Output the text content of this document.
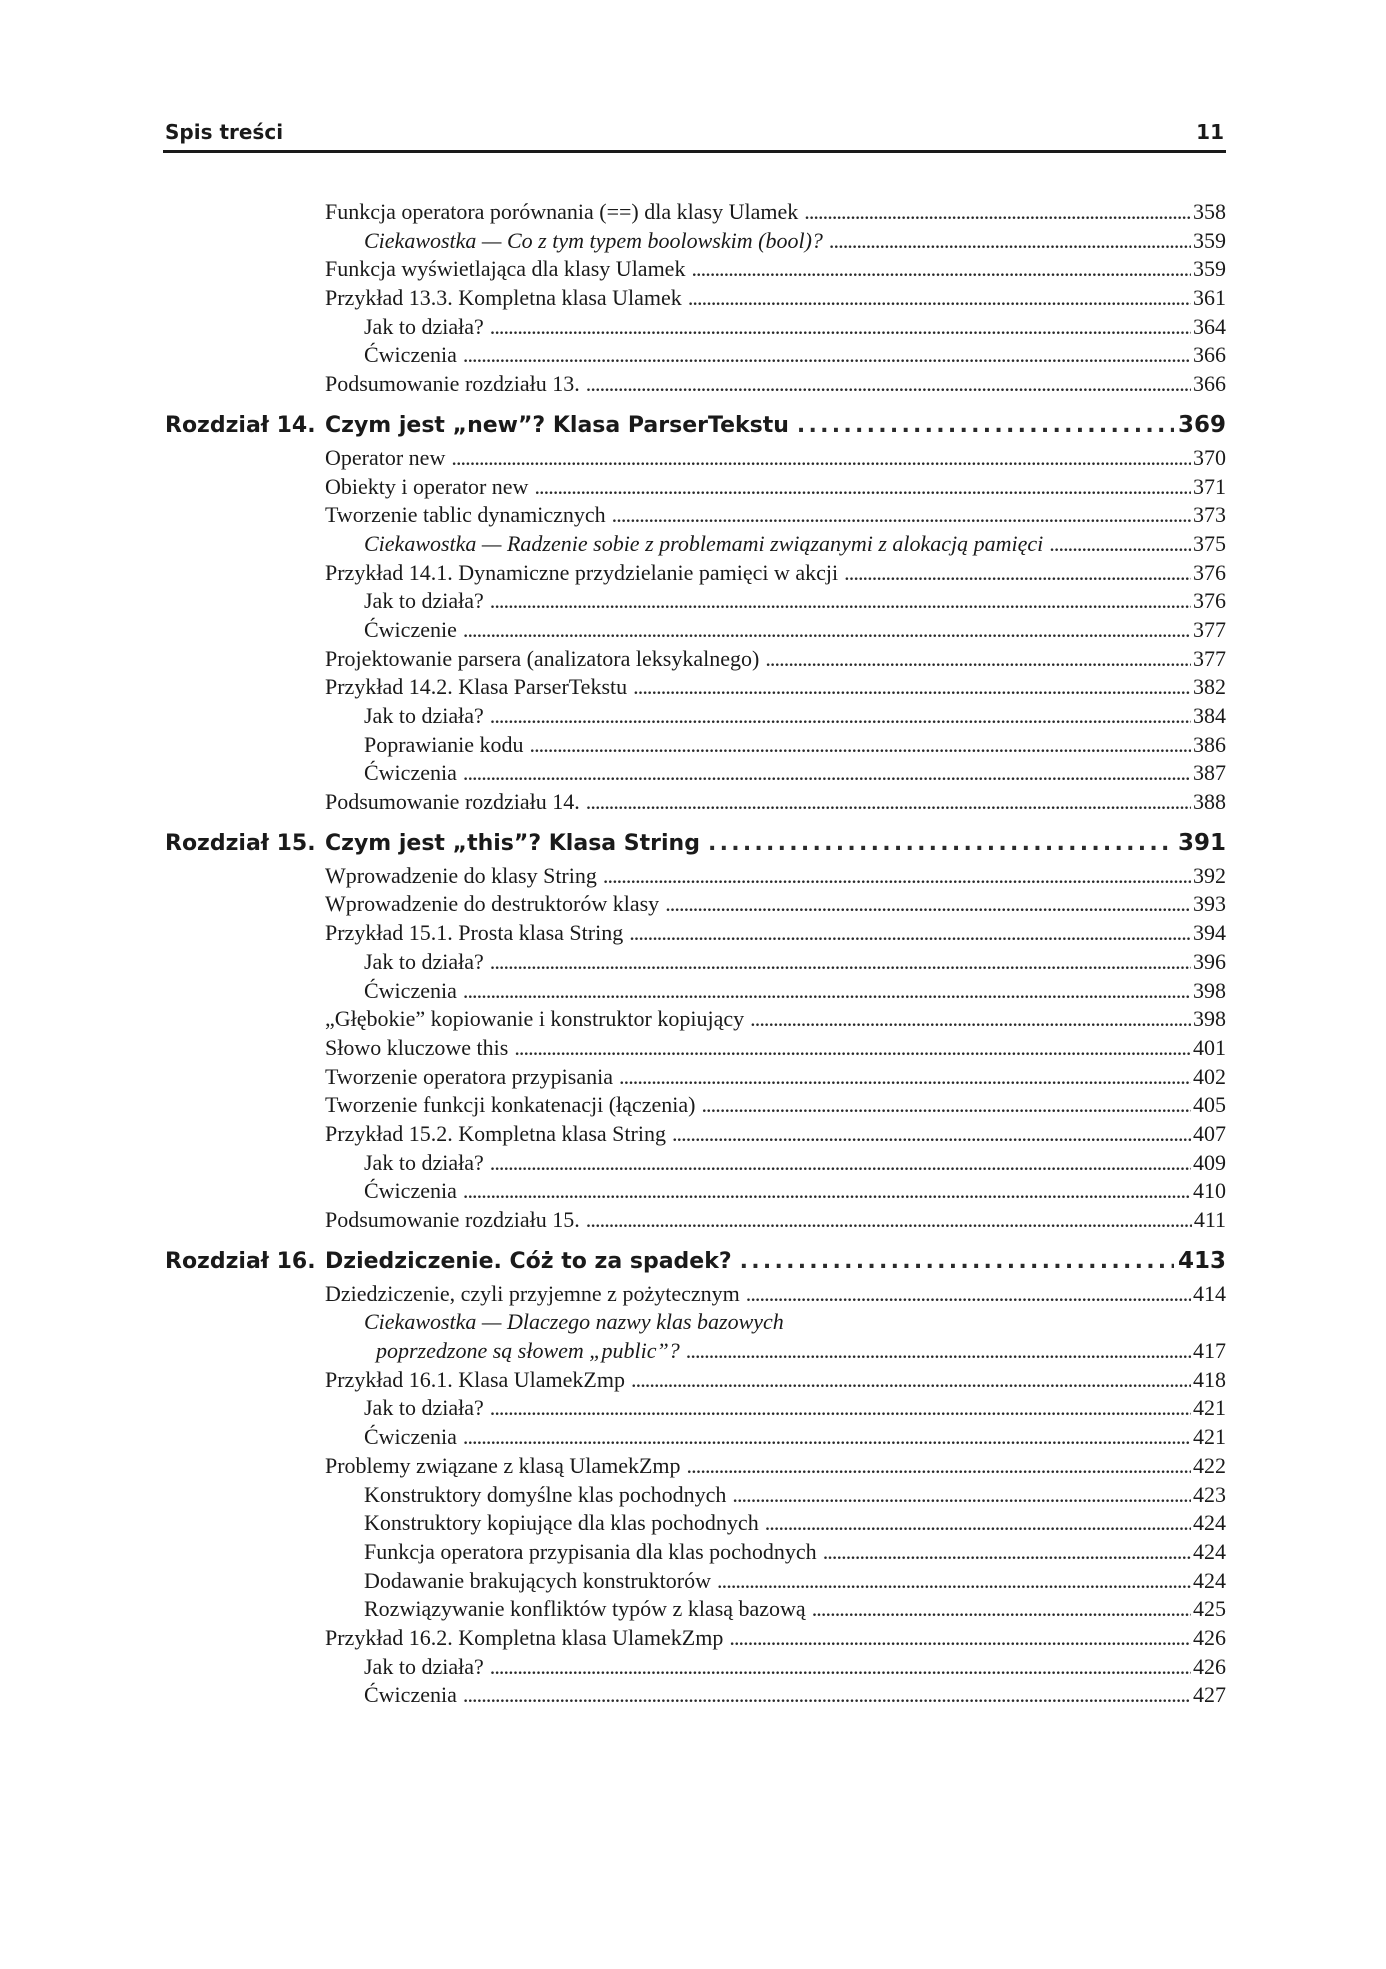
Spis treści	11
Funkcja operatora porównania (==) dla klasy Ulamek . . .	358
Ciekawostka — Co z tym typem boolowskim (bool)? . . .	359
Funkcja wyświetlająca dla klasy Ulamek . . .	359
Przykład 13.3. Kompletna klasa Ulamek . . .	361
Jak to działa? . . .	364
Ćwiczenia . . .	366
Podsumowanie rozdziału 13. . . .	366
Rozdział 14. Czym jest „new”? Klasa ParserTekstu . . .	369
Operator new . . .	370
Obiekty i operator new . . .	371
Tworzenie tablic dynamicznych . . .	373
Ciekawostka — Radzenie sobie z problemami związanymi z alokacją pamięci . . .	375
Przykład 14.1. Dynamiczne przydzielanie pamięci w akcji . . .	376
Jak to działa? . . .	376
Ćwiczenie . . .	377
Projektowanie parsera (analizatora leksykalnego) . . .	377
Przykład 14.2. Klasa ParserTekstu . . .	382
Jak to działa? . . .	384
Poprawianie kodu . . .	386
Ćwiczenia . . .	387
Podsumowanie rozdziału 14. . . .	388
Rozdział 15. Czym jest „this”? Klasa String . . .	391
Wprowadzenie do klasy String . . .	392
Wprowadzenie do destruktorów klasy . . .	393
Przykład 15.1. Prosta klasa String . . .	394
Jak to działa? . . .	396
Ćwiczenia . . .	398
„Głębokie” kopiowanie i konstruktor kopiujący . . .	398
Słowo kluczowe this . . .	401
Tworzenie operatora przypisania . . .	402
Tworzenie funkcji konkatenacji (łączenia) . . .	405
Przykład 15.2. Kompletna klasa String . . .	407
Jak to działa? . . .	409
Ćwiczenia . . .	410
Podsumowanie rozdziału 15. . . .	411
Rozdział 16. Dziedziczenie. Cóż to za spadek? . . .	413
Dziedziczenie, czyli przyjemne z pożytecznym . . .	414
Ciekawostka — Dlaczego nazwy klas bazowych
poprzedzone są słowem „public”? . . .	417
Przykład 16.1. Klasa UlamekZmp . . .	418
Jak to działa? . . .	421
Ćwiczenia . . .	421
Problemy związane z klasą UlamekZmp . . .	422
Konstruktory domyślne klas pochodnych . . .	423
Konstruktory kopiujące dla klas pochodnych . . .	424
Funkcja operatora przypisania dla klas pochodnych . . .	424
Dodawanie brakujących konstruktorów . . .	424
Rozwiązywanie konfliktów typów z klasą bazową . . .	425
Przykład 16.2. Kompletna klasa UlamekZmp . . .	426
Jak to działa? . . .	426
Ćwiczenia . . .	427
